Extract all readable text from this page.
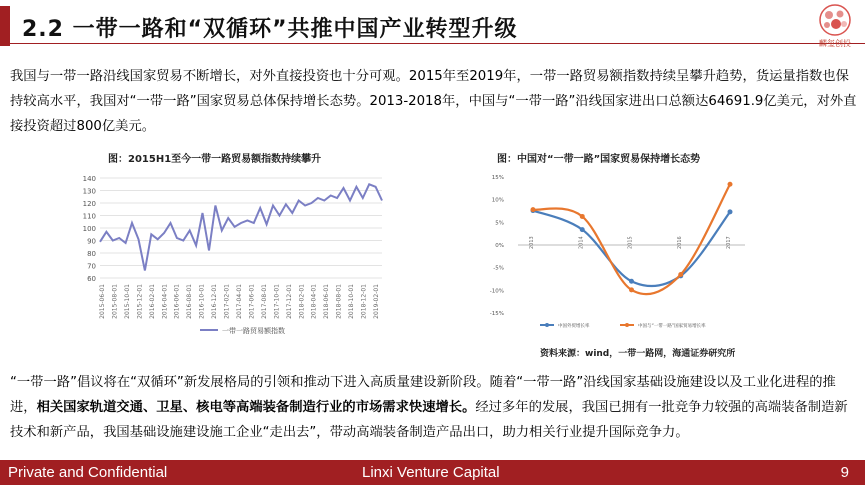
2.2 一带一路和“双循环”共推中国产业转型升级
麟玺创投
我国与一带一路沿线国家贸易不断增长，对外直接投资也十分可观。2015年至2019年，一带一路贸易额指数持续呈攀升趋势，货运量指数也保持较高水平，我国对“一带一路”国家贸易总体保持增长态势。2013-2018年，中国与“一带一路”沿线国家进出口总额达64691.9亿美元，对外直接投资超过800亿美元。
图：2015H1至今一带一路贸易额指数持续攀升
60
70
80
90
100
110
120
130
140
2015-06-01 2015-08-01 2015-10-01 2015-12-01 2016-02-01 2016-04-01 2016-06-01 2016-08-01 2016-10-01 2016-12-01 2017-02-01 2017-04-01 2017-06-01 2017-08-01 2017-10-01 2017-12-01 2018-02-01 2018-04-01 2018-06-01 2018-08-01 2018-10-01 2018-12-01 2019-02-01
一带一路贸易额指数
图：中国对“一带一路”国家贸易保持增长态势
15%
10%
5%
0%
-5%
-10%
-15%
2013	2014	2015	2016	2017
中国外贸增长率	中国与“一带一路”国家贸易增长率
资料来源：wind，一带一路网，海通证券研究所
“一带一路”倡议将在“双循环”新发展格局的引领和推动下进入高质量建设新阶段。随着“一带一路”沿线国家基础设施建设以及工业化进程的推进，相关国家轨道交通、卫星、核电等高端装备制造行业的市场需求快速增长。经过多年的发展，我国已拥有一批竞争力较强的高端装备制造新技术和新产品，我国基础设施建设施工企业“走出去”，带动高端装备制造产品出口，助力相关行业提升国际竞争力。
Private and Confidential	Linxi Venture Capital	9
